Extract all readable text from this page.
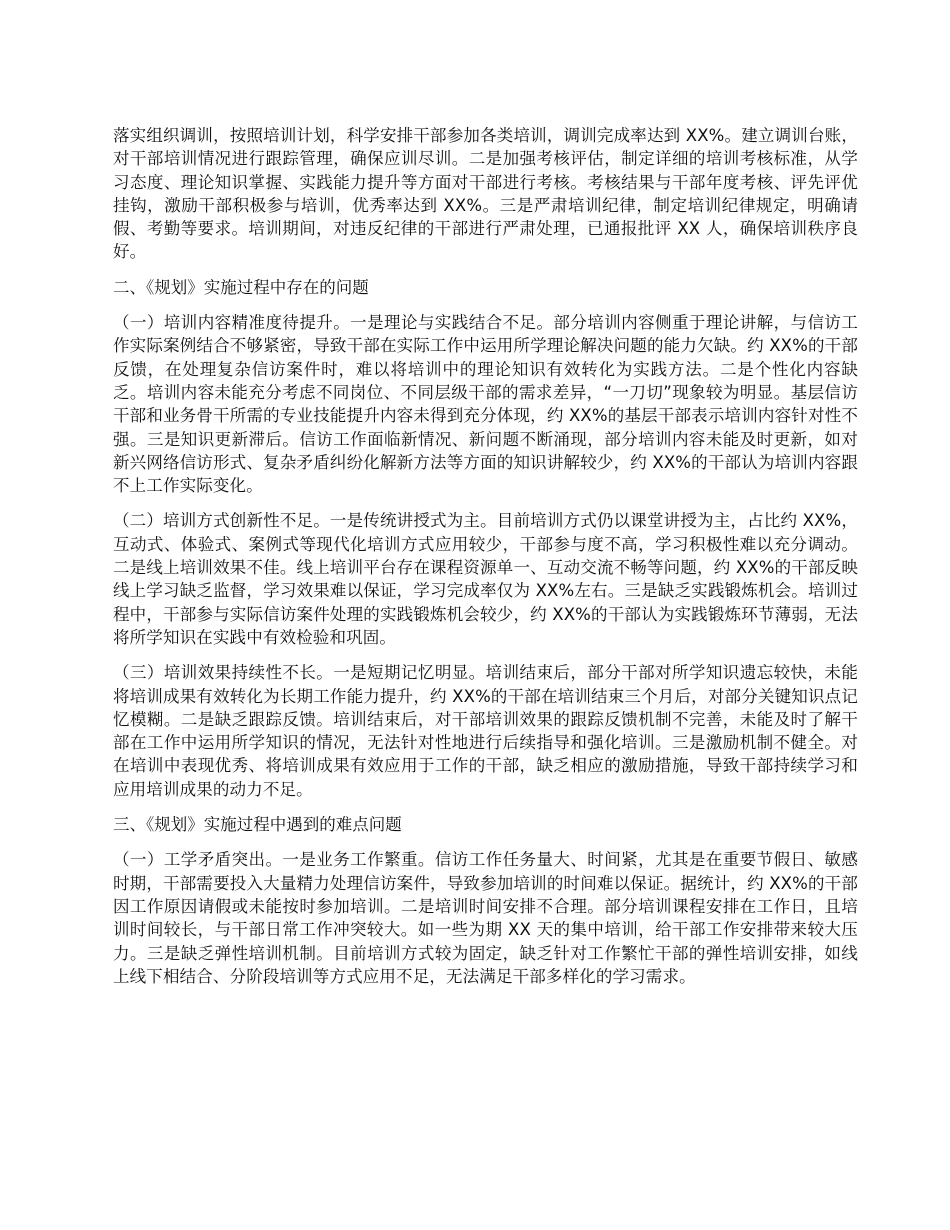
落实组织调训，按照培训计划，科学安排干部参加各类培训，调训完成率达到 XX%。建立调训台账，对干部培训情况进行跟踪管理，确保应训尽训。二是加强考核评估，制定详细的培训考核标准，从学习态度、理论知识掌握、实践能力提升等方面对干部进行考核。考核结果与干部年度考核、评先评优挂钩，激励干部积极参与培训，优秀率达到 XX%。三是严肃培训纪律，制定培训纪律规定，明确请假、考勤等要求。培训期间，对违反纪律的干部进行严肃处理，已通报批评 XX 人，确保培训秩序良好。

二、《规划》实施过程中存在的问题

（一）培训内容精准度待提升。一是理论与实践结合不足。部分培训内容侧重于理论讲解，与信访工作实际案例结合不够紧密，导致干部在实际工作中运用所学理论解决问题的能力欠缺。约 XX%的干部反馈，在处理复杂信访案件时，难以将培训中的理论知识有效转化为实践方法。二是个性化内容缺乏。培训内容未能充分考虑不同岗位、不同层级干部的需求差异，“一刀切”现象较为明显。基层信访干部和业务骨干所需的专业技能提升内容未得到充分体现，约 XX%的基层干部表示培训内容针对性不强。三是知识更新滞后。信访工作面临新情况、新问题不断涌现，部分培训内容未能及时更新，如对新兴网络信访形式、复杂矛盾纠纷化解新方法等方面的知识讲解较少，约 XX%的干部认为培训内容跟不上工作实际变化。

（二）培训方式创新性不足。一是传统讲授式为主。目前培训方式仍以课堂讲授为主，占比约 XX%，互动式、体验式、案例式等现代化培训方式应用较少，干部参与度不高，学习积极性难以充分调动。二是线上培训效果不佳。线上培训平台存在课程资源单一、互动交流不畅等问题，约 XX%的干部反映线上学习缺乏监督，学习效果难以保证，学习完成率仅为 XX%左右。三是缺乏实践锻炼机会。培训过程中，干部参与实际信访案件处理的实践锻炼机会较少，约 XX%的干部认为实践锻炼环节薄弱，无法将所学知识在实践中有效检验和巩固。

（三）培训效果持续性不长。一是短期记忆明显。培训结束后，部分干部对所学知识遗忘较快，未能将培训成果有效转化为长期工作能力提升，约 XX%的干部在培训结束三个月后，对部分关键知识点记忆模糊。二是缺乏跟踪反馈。培训结束后，对干部培训效果的跟踪反馈机制不完善，未能及时了解干部在工作中运用所学知识的情况，无法针对性地进行后续指导和强化培训。三是激励机制不健全。对在培训中表现优秀、将培训成果有效应用于工作的干部，缺乏相应的激励措施，导致干部持续学习和应用培训成果的动力不足。

三、《规划》实施过程中遇到的难点问题

（一）工学矛盾突出。一是业务工作繁重。信访工作任务量大、时间紧，尤其是在重要节假日、敏感时期，干部需要投入大量精力处理信访案件，导致参加培训的时间难以保证。据统计，约 XX%的干部因工作原因请假或未能按时参加培训。二是培训时间安排不合理。部分培训课程安排在工作日，且培训时间较长，与干部日常工作冲突较大。如一些为期 XX 天的集中培训，给干部工作安排带来较大压力。三是缺乏弹性培训机制。目前培训方式较为固定，缺乏针对工作繁忙干部的弹性培训安排，如线上线下相结合、分阶段培训等方式应用不足，无法满足干部多样化的学习需求。
